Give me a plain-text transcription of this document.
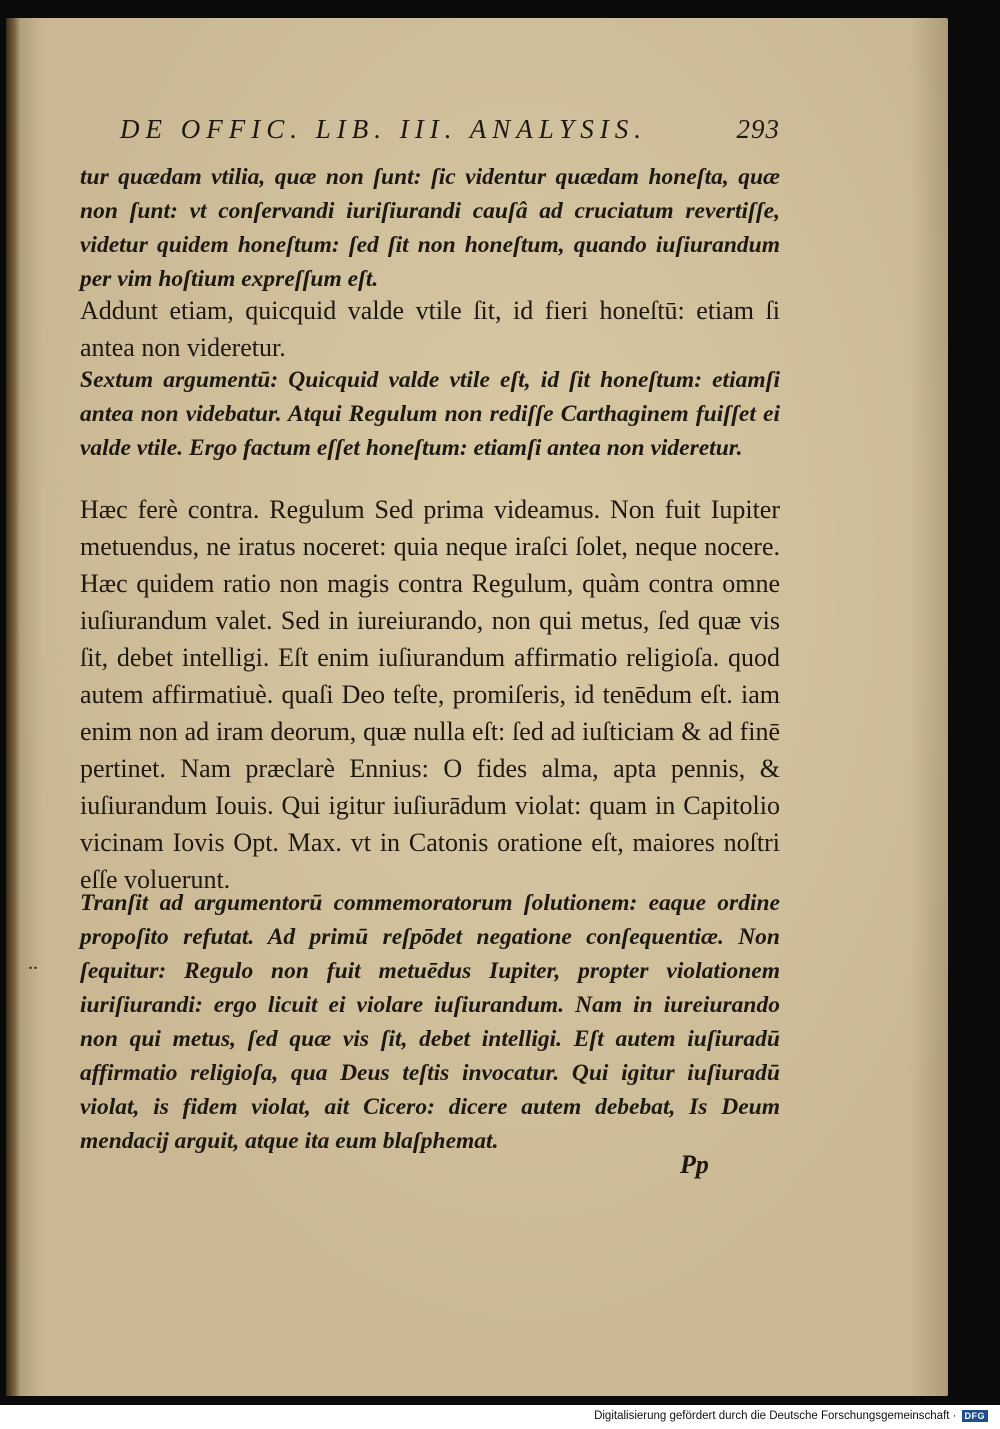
DE OFFIC. LIB. III. ANALYSIS.	293
tur quædam vtilia, quæ non ſunt: ſic videntur quædam honeſta, quæ non ſunt: vt conſervandi iuriſiurandi cauſâ ad cruciatum revertiſſe, videtur quidem honeſtum: ſed ſit non honeſtum, quando iuſiurandum per vim hoſtium expreſſum eſt.
Addunt etiam, quicquid valde vtile ſit, id fieri honeſtū: etiam ſi antea non videretur.
Sextum argumentū: Quicquid valde vtile eſt, id ſit honeſtum: etiamſi antea non videbatur. Atqui Regulum non rediſſe Carthaginem fuiſſet ei valde vtile. Ergo factum eſſet honeſtum: etiamſi antea non videretur.
Hæc ferè contra. Regulum Sed prima videamus. Non fuit Iupiter metuendus, ne iratus noceret: quia neque iraſci ſolet, neque nocere. Hæc quidem ratio non magis contra Regulum, quàm contra omne iuſiurandum valet. Sed in iureiurando, non qui metus, ſed quæ vis ſit, debet intelligi. Eſt enim iuſiurandum affirmatio religioſa. quod autem affirmatiuè. quaſi Deo teſte, promiſeris, id tenēdum eſt. iam enim non ad iram deorum, quæ nulla eſt: ſed ad iuſticiam & ad finē pertinet. Nam præclarè Ennius: O fides alma, apta pennis, & iuſiurandum Iouis. Qui igitur iuſiurādum violat: quam in Capitolio vicinam Iovis Opt. Max. vt in Catonis oratione eſt, maiores noſtri eſſe voluerunt.
Tranſit ad argumentorū commemoratorum ſolutionem: eaque ordine propoſito refutat. Ad primū reſpōdet negatione conſequentiæ. Non ſequitur: Regulo non fuit metuēdus Iupiter, propter violationem iuriſiurandi: ergo licuit ei violare iuſiurandum. Nam in iureiurando non qui metus, ſed quæ vis ſit, debet intelligi. Eſt autem iuſiuradū affirmatio religioſa, qua Deus teſtis invocatur. Qui igitur iuſiuradū violat, is fidem violat, ait Cicero: dicere autem debebat, Is Deum mendacij arguit, atque ita eum blaſphemat.
Pp
..
Digitalisierung gefördert durch die Deutsche Forschungsgemeinschaft · DFG
